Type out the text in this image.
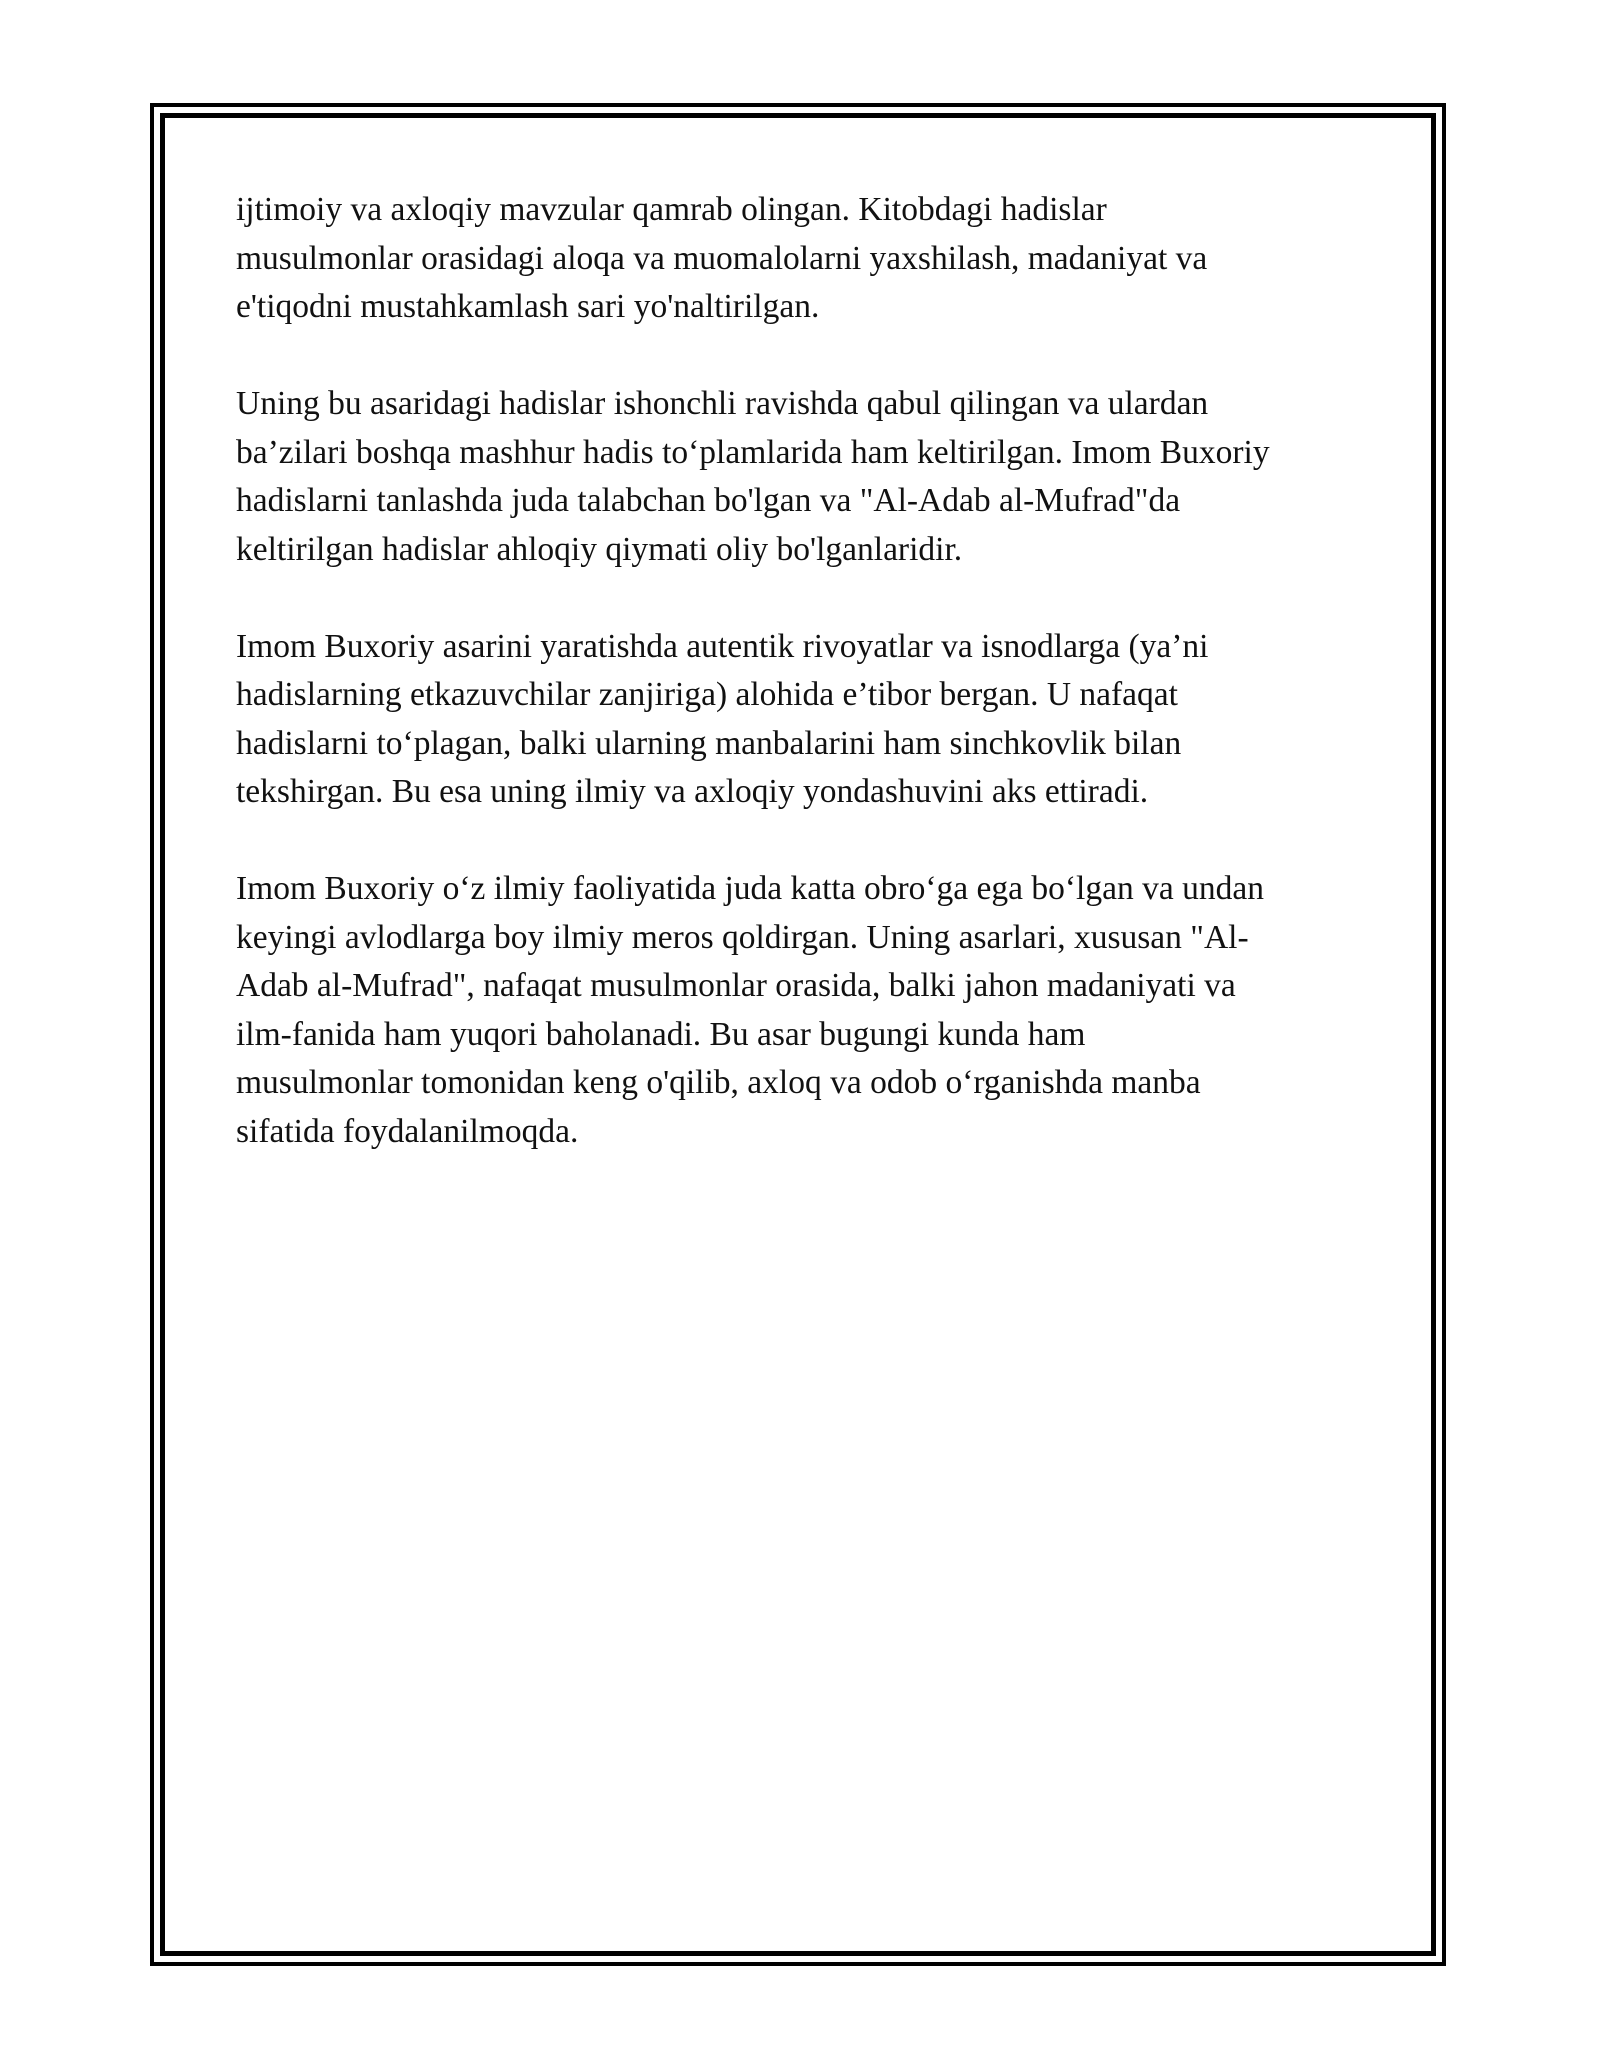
ijtimoiy va axloqiy mavzular qamrab olingan. Kitobdagi hadislar
musulmonlar orasidagi aloqa va muomalolarni yaxshilash, madaniyat va
e'tiqodni mustahkamlash sari yo'naltirilgan.

Uning bu asaridagi hadislar ishonchli ravishda qabul qilingan va ulardan
ba’zilari boshqa mashhur hadis to‘plamlarida ham keltirilgan. Imom Buxoriy
hadislarni tanlashda juda talabchan bo'lgan va "Al-Adab al-Mufrad"da
keltirilgan hadislar ahloqiy qiymati oliy bo'lganlaridir.

Imom Buxoriy asarini yaratishda autentik rivoyatlar va isnodlarga (ya’ni
hadislarning etkazuvchilar zanjiriga) alohida e’tibor bergan. U nafaqat
hadislarni to‘plagan, balki ularning manbalarini ham sinchkovlik bilan
tekshirgan. Bu esa uning ilmiy va axloqiy yondashuvini aks ettiradi.

Imom Buxoriy o‘z ilmiy faoliyatida juda katta obro‘ga ega bo‘lgan va undan
keyingi avlodlarga boy ilmiy meros qoldirgan. Uning asarlari, xususan "Al-
Adab al-Mufrad", nafaqat musulmonlar orasida, balki jahon madaniyati va
ilm-fanida ham yuqori baholanadi. Bu asar bugungi kunda ham
musulmonlar tomonidan keng o'qilib, axloq va odob o‘rganishda manba
sifatida foydalanilmoqda.
